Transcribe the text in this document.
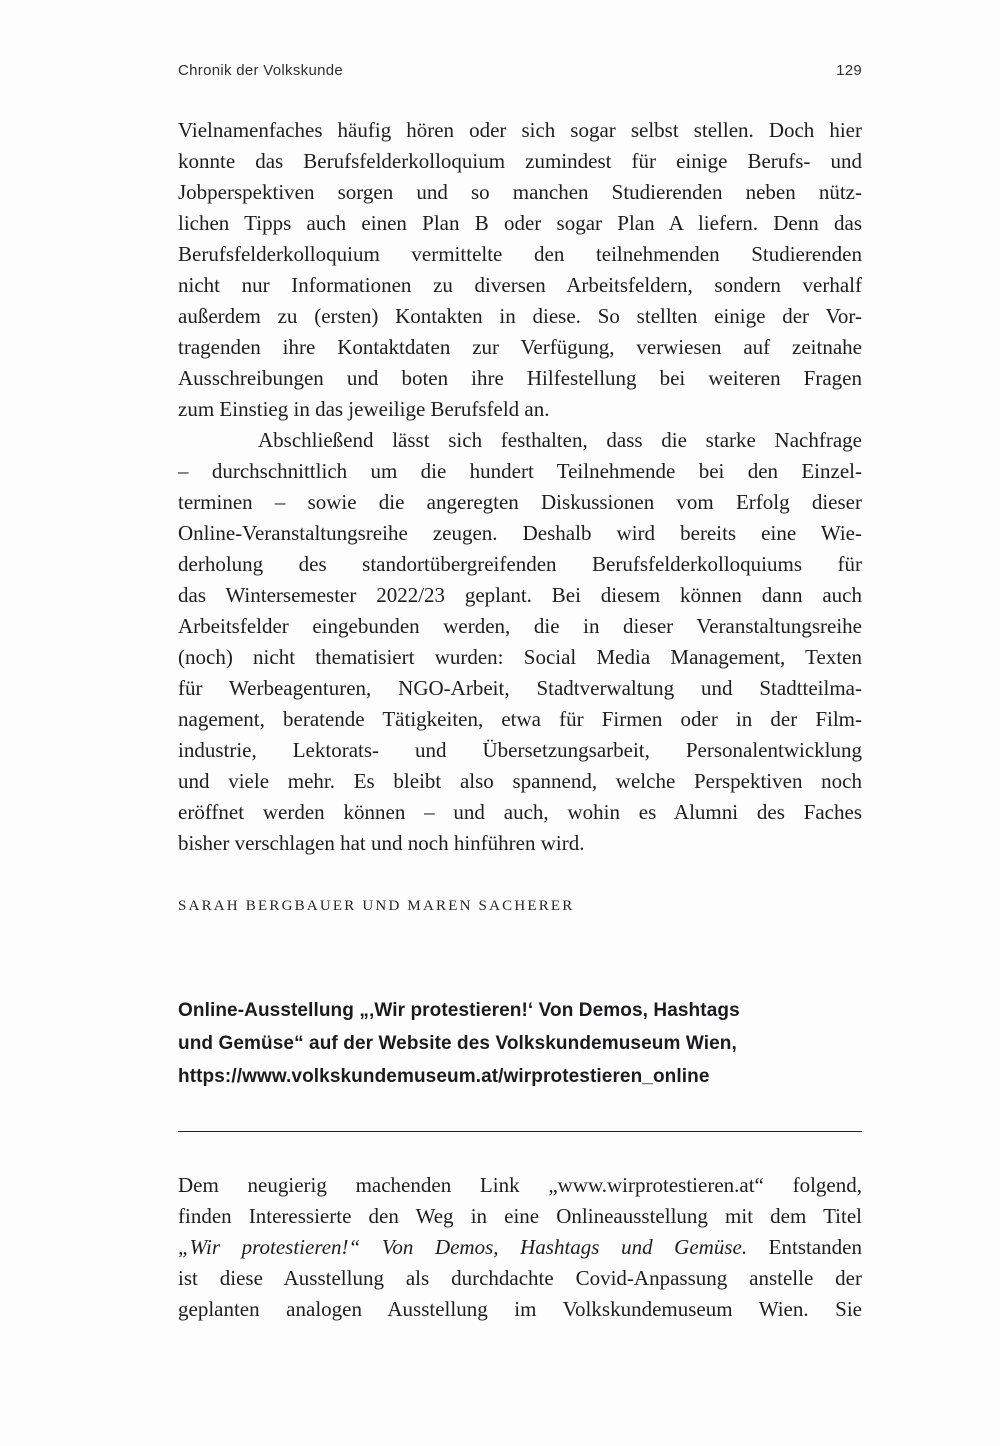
Chronik der Volkskunde	129

Vielnamenfaches häufig hören oder sich sogar selbst stellen. Doch hier
konnte das Berufsfelderkolloquium zumindest für einige Berufs- und
Jobperspektiven sorgen und so manchen Studierenden neben nütz-
lichen Tipps auch einen Plan B oder sogar Plan A liefern. Denn das
Berufsfelderkolloquium vermittelte den teilnehmenden Studierenden
nicht nur Informationen zu diversen Arbeitsfeldern, sondern verhalf
außerdem zu (ersten) Kontakten in diese. So stellten einige der Vor-
tragenden ihre Kontaktdaten zur Verfügung, verwiesen auf zeitnahe
Ausschreibungen und boten ihre Hilfestellung bei weiteren Fragen
zum Einstieg in das jeweilige Berufsfeld an.

Abschließend lässt sich festhalten, dass die starke Nachfrage
– durchschnittlich um die hundert Teilnehmende bei den Einzel-
terminen – sowie die angeregten Diskussionen vom Erfolg dieser
Online-Veranstaltungsreihe zeugen. Deshalb wird bereits eine Wie-
derholung des standortübergreifenden Berufsfelderkolloquiums für
das Wintersemester 2022/23 geplant. Bei diesem können dann auch
Arbeitsfelder eingebunden werden, die in dieser Veranstaltungsreihe
(noch) nicht thematisiert wurden: Social Media Management, Texten
für Werbeagenturen, NGO-Arbeit, Stadtverwaltung und Stadtteilma-
nagement, beratende Tätigkeiten, etwa für Firmen oder in der Film-
industrie, Lektorats- und Übersetzungsarbeit, Personalentwicklung
und viele mehr. Es bleibt also spannend, welche Perspektiven noch
eröffnet werden können – und auch, wohin es Alumni des Faches
bisher verschlagen hat und noch hinführen wird.

SARAH BERGBAUER UND MAREN SACHERER
Online-Ausstellung „‚Wir protestieren!‘ Von Demos, Hashtags
und Gemüse“ auf der Website des Volkskundemuseum Wien,
https://www.volkskundemuseum.at/wirprotestieren_online

Dem neugierig machenden Link „www.wirprotestieren.at“ folgend,
finden Interessierte den Weg in eine Onlineausstellung mit dem Titel
„Wir protestieren!“ Von Demos, Hashtags und Gemüse. Entstanden
ist diese Ausstellung als durchdachte Covid-Anpassung anstelle der
geplanten analogen Ausstellung im Volkskundemuseum Wien. Sie
